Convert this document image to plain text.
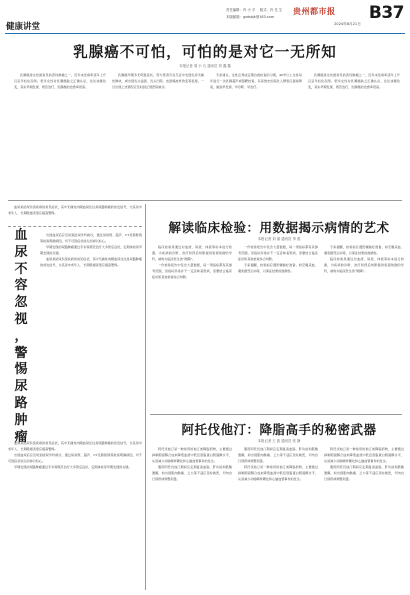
健康讲堂
责任编辑：肖 小 平 　版式：肖 先 生
本版邮箱：gzdsbjk@163.com
贵州都市报 B37
2024年8月21日
乳腺癌不可怕，可怕的是对它一无所知
本报记者 周 小 凡 通讯员 刘 鑫 鑫

乳腺癌是女性最常见的恶性肿瘤之一，近年来发病率逐年上升且呈年轻化趋势。很多女性对乳腺癌缺乏正确认识，往往谈癌色变，其实早期发现、规范治疗，乳腺癌的治愈率很高。

乳腺癌早期多无明显症状，部分患者可在无意中发现乳房无痛性肿块，或出现乳头溢液、乳头凹陷、皮肤橘皮样改变等表现，一旦出现上述情况应及时到正规医院就诊。

专家建议，女性应养成定期自我检查的习惯，40岁以上女性每年进行一次乳腺超声或钼靶检查，有家族史的高危人群更应提前筛查，做到早发现、早诊断、早治疗。

乳腺癌是女性最常见的恶性肿瘤之一，近年来发病率逐年上升且呈年轻化趋势。很多女性对乳腺癌缺乏正确认识，往往谈癌色变，其实早期发现、规范治疗，乳腺癌的治愈率很高。

血尿是泌尿系统疾病的常见症状，其中无痛性肉眼血尿往往是尿路肿瘤的首发信号，尤其是中老年人、长期吸烟者更应提高警惕。

血
尿
不
容
忽
视
，
警
惕
尿
路
肿
瘤

出现血尿后应及时到泌尿外科就诊，通过尿常规、超声、CT及膀胱镜等检查明确病因，切不可因症状消失而掉以轻心。

早期发现的尿路肿瘤通过手术等规范治疗大多预后良好，定期体检是早期发现的关键。

血尿是泌尿系统疾病的常见症状，其中无痛性肉眼血尿往往是尿路肿瘤的首发信号，尤其是中老年人、长期吸烟者更应提高警惕。

血尿是泌尿系统疾病的常见症状，其中无痛性肉眼血尿往往是尿路肿瘤的首发信号，尤其是中老年人、长期吸烟者更应提高警惕。

出现血尿后应及时到泌尿外科就诊，通过尿常规、超声、CT及膀胱镜等检查明确病因，切不可因症状消失而掉以轻心。

早期发现的尿路肿瘤通过手术等规范治疗大多预后良好，定期体检是早期发现的关键。

解读临床检验：用数据揭示病情的艺术
本报记者 刘 丽 通讯员 李 燕

临床检验是通过对血液、尿液、体液等标本进行检测，为疾病的诊断、治疗和预后判断提供客观依据的学科，被称为临床医生的“眼睛”。

一份检验报告中包含大量数据，每一项指标都有其参考范围，但指标异常并不一定意味着患病，需要结合临床症状和其他检查综合判断。

一份检验报告中包含大量数据，每一项指标都有其参考范围，但指标异常并不一定意味着患病，需要结合临床症状和其他检查综合判断。

专家提醒，检验前应遵医嘱做好准备，如空腹采血、避免剧烈运动等，以保证结果的准确性。

专家提醒，检验前应遵医嘱做好准备，如空腹采血、避免剧烈运动等，以保证结果的准确性。

临床检验是通过对血液、尿液、体液等标本进行检测，为疾病的诊断、治疗和预后判断提供客观依据的学科，被称为临床医生的“眼睛”。

阿托伐他汀：降脂高手的秘密武器
本报记者 王 波 通讯员 张 静

阿托伐他汀是一种常用的他汀类降脂药物，主要通过抑制胆固醇合成来降低血液中低密度脂蛋白胆固醇水平，从而减少动脉粥样硬化和心脑血管事件的发生。

服用阿托伐他汀期间应定期复查血脂、肝功能和肌酸激酶，如出现肌肉酸痛、乏力等不适应及时就医，切勿自行停药或调整剂量。

服用阿托伐他汀期间应定期复查血脂、肝功能和肌酸激酶，如出现肌肉酸痛、乏力等不适应及时就医，切勿自行停药或调整剂量。

阿托伐他汀是一种常用的他汀类降脂药物，主要通过抑制胆固醇合成来降低血液中低密度脂蛋白胆固醇水平，从而减少动脉粥样硬化和心脑血管事件的发生。

阿托伐他汀是一种常用的他汀类降脂药物，主要通过抑制胆固醇合成来降低血液中低密度脂蛋白胆固醇水平，从而减少动脉粥样硬化和心脑血管事件的发生。

服用阿托伐他汀期间应定期复查血脂、肝功能和肌酸激酶，如出现肌肉酸痛、乏力等不适应及时就医，切勿自行停药或调整剂量。
